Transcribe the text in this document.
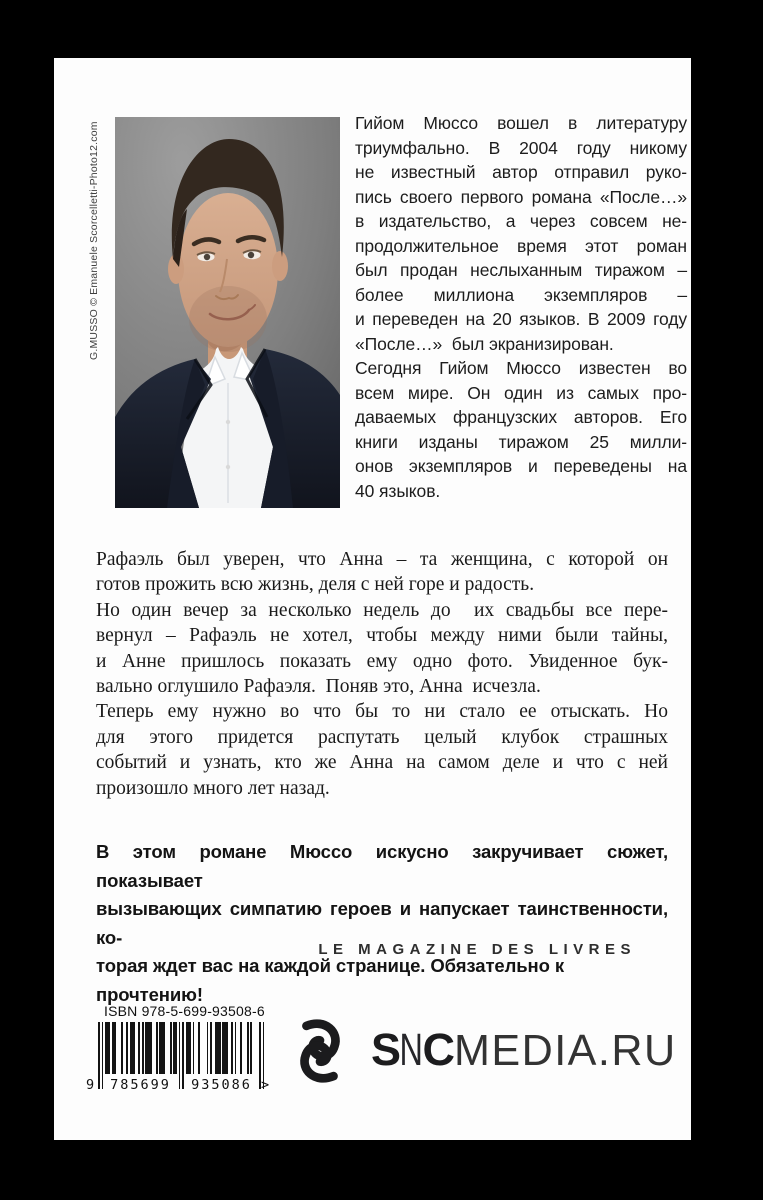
G.MUSSO © Emanuele Scorcelletti-Photo12.com	Гийом Мюссо вошел в литературу
триумфально. В 2004 году никому
не известный автор отправил руко-
пись своего первого романа «После…»
в издательство, а через совсем не-
продолжительное время этот роман
был продан неслыханным тиражом –
более миллиона экземпляров –
и переведен на 20 языков. В 2009 году
«После…»  был экранизирован.
Сегодня Гийом Мюссо известен во
всем мире. Он один из самых про-
даваемых французских авторов. Его
книги изданы тиражом 25 милли-
онов экземпляров и переведены на
40 языков.
Рафаэль был уверен, что Анна – та женщина, с которой он
готов прожить всю жизнь, деля с ней горе и радость.
Но один вечер за несколько недель до  их свадьбы все пере-
вернул – Рафаэль не хотел, чтобы между ними были тайны,
и Анне пришлось показать ему одно фото. Увиденное бук-
вально оглушило Рафаэля.  Поняв это, Анна  исчезла.
Теперь ему нужно во что бы то ни стало ее отыскать. Но
для этого придется распутать целый клубок страшных
событий и узнать, кто же Анна на самом деле и что с ней
произошло много лет назад.
В этом романе Мюссо искусно закручивает сюжет, показывает
вызывающих симпатию героев и напускает таинственности, ко-
торая ждет вас на каждой странице. Обязательно к прочтению!
LE MAGAZINE DES LIVRES
ISBN 978-5-699-93508-6
9	785699	935086 >
S N C MEDIA.RU
